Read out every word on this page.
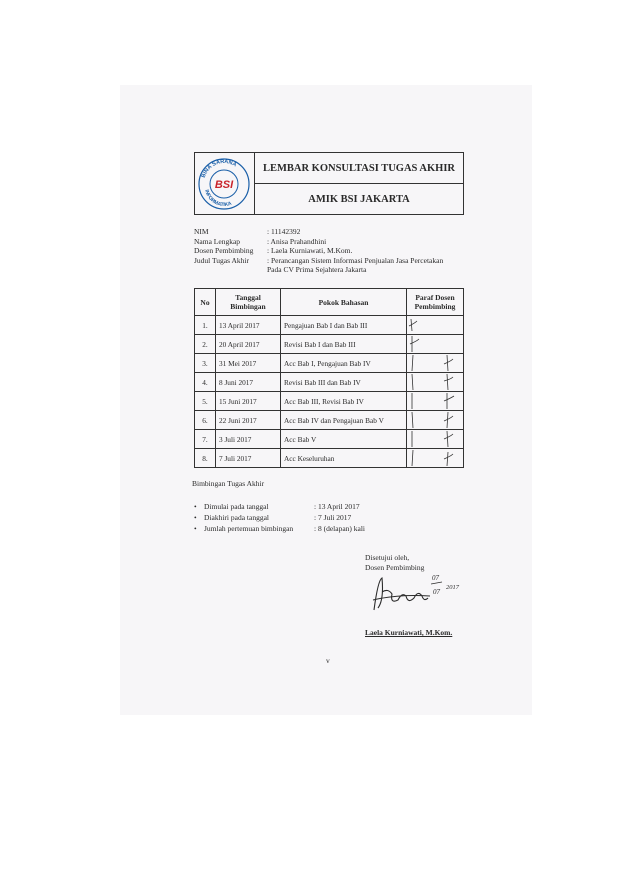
BINA SARANA
INFORMATIKA
BSI
LEMBAR KONSULTASI TUGAS AKHIR
AMIK BSI JAKARTA
NIM	: 11142392
Nama Lengkap	: Anisa Prahandhini
Dosen Pembimbing	: Laela Kurniawati, M.Kom.
Judul Tugas Akhir	: Perancangan Sistem Informasi Penjualan Jasa Percetakan
Pada CV Prima Sejahtera Jakarta
No	Tanggal Bimbingan	Pokok Bahasan	Paraf Dosen Pembimbing
1.	13 April 2017	Pengajuan Bab I dan Bab III	

2.	20 April 2017	Revisi Bab I dan Bab III	

3.	31 Mei 2017	Acc Bab I, Pengajuan Bab IV	

4.	8 Juni 2017	Revisi Bab III dan Bab IV	

5.	15 Juni 2017	Acc Bab III, Revisi Bab IV	

6.	22 Juni 2017	Acc Bab IV dan Pengajuan Bab V	

7.	3 Juli 2017	Acc Bab V	

8.	7 Juli 2017	Acc Keseluruhan	
Bimbingan Tugas Akhir
• Dimulai pada tanggal	: 13 April 2017
• Diakhiri pada tanggal	: 7 Juli 2017
• Jumlah pertemuan bimbingan	: 8 (delapan) kali
Disetujui oleh,
Dosen Pembimbing
07
07
2017
Laela Kurniawati, M.Kom.
v
